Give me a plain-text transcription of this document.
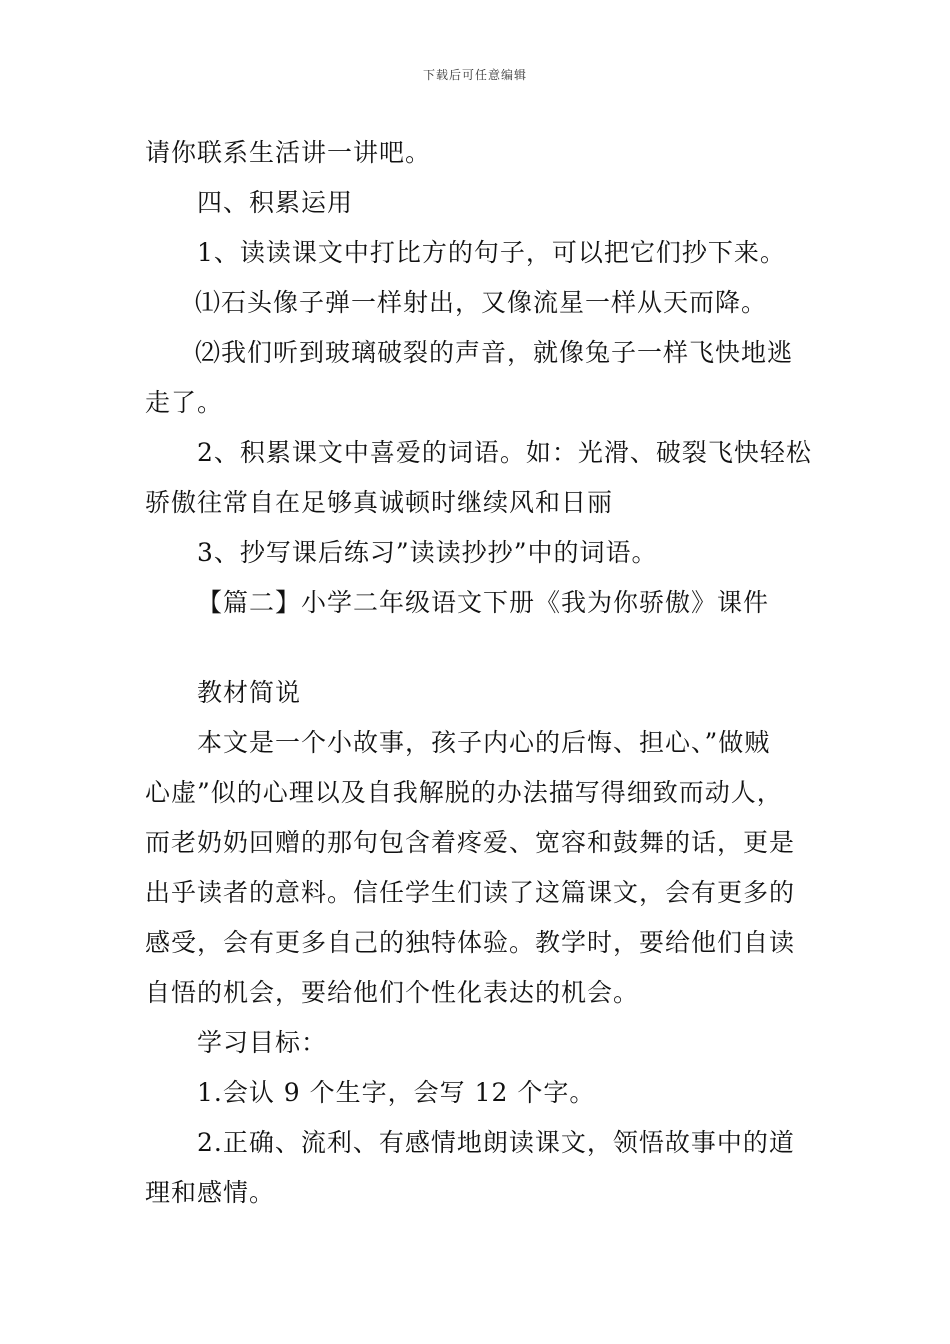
下载后可任意编辑
请你联系生活讲一讲吧。
四、积累运用
1、读读课文中打比方的句子，可以把它们抄下来。
⑴石头像子弹一样射出，又像流星一样从天而降。
⑵我们听到玻璃破裂的声音，就像兔子一样飞快地逃
走了。
2、积累课文中喜爱的词语。如：光滑、破裂飞快轻松
骄傲往常自在足够真诚顿时继续风和日丽
3、抄写课后练习”读读抄抄”中的词语。
【篇二】小学二年级语文下册《我为你骄傲》课件
教材简说
本文是一个小故事，孩子内心的后悔、担心、”做贼
心虚”似的心理以及自我解脱的办法描写得细致而动人，
而老奶奶回赠的那句包含着疼爱、宽容和鼓舞的话，更是
出乎读者的意料。信任学生们读了这篇课文，会有更多的
感受，会有更多自己的独特体验。教学时，要给他们自读
自悟的机会，要给他们个性化表达的机会。
学习目标：
1.会认 9 个生字，会写 12 个字。
2.正确、流利、有感情地朗读课文，领悟故事中的道
理和感情。
